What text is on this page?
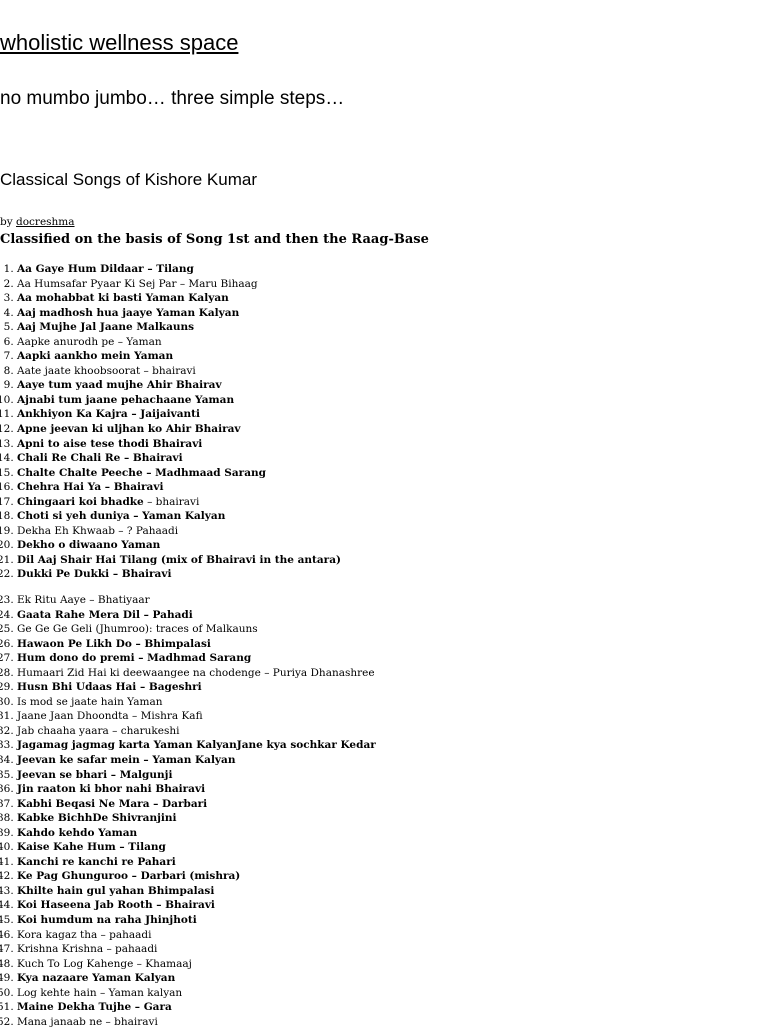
wholistic wellness space
no mumbo jumbo… three simple steps…
Classical Songs of Kishore Kumar
by docreshma
Classified on the basis of Song 1st and then the Raag-Base
1. Aa Gaye Hum Dildaar – Tilang
2. Aa Humsafar Pyaar Ki Sej Par – Maru Bihaag
3. Aa mohabbat ki basti Yaman Kalyan
4. Aaj madhosh hua jaaye Yaman Kalyan
5. Aaj Mujhe Jal Jaane Malkauns
6. Aapke anurodh pe – Yaman
7. Aapki aankho mein Yaman
8. Aate jaate khoobsoorat – bhairavi
9. Aaye tum yaad mujhe Ahir Bhairav
10. Ajnabi tum jaane pehachaane Yaman
11. Ankhiyon Ka Kajra – Jaijaivanti
12. Apne jeevan ki uljhan ko Ahir Bhairav
13. Apni to aise tese thodi Bhairavi
14. Chali Re Chali Re – Bhairavi
15. Chalte Chalte Peeche – Madhmaad Sarang
16. Chehra Hai Ya – Bhairavi
17. Chingaari koi bhadke – bhairavi
18. Choti si yeh duniya – Yaman Kalyan
19. Dekha Eh Khwaab – ? Pahaadi
20. Dekho o diwaano Yaman
21. Dil Aaj Shair Hai Tilang (mix of Bhairavi in the antara)
22. Dukki Pe Dukki – Bhairavi
23. Ek Ritu Aaye – Bhatiyaar
24. Gaata Rahe Mera Dil – Pahadi
25. Ge Ge Ge Geli (Jhumroo): traces of Malkauns
26. Hawaon Pe Likh Do – Bhimpalasi
27. Hum dono do premi – Madhmad Sarang
28. Humaari Zid Hai ki deewaangee na chodenge – Puriya Dhanashree
29. Husn Bhi Udaas Hai – Bageshri
30. Is mod se jaate hain Yaman
31. Jaane Jaan Dhoondta – Mishra Kafi
32. Jab chaaha yaara – charukeshi
33. Jagamag jagmag karta Yaman KalyanJane kya sochkar Kedar
34. Jeevan ke safar mein – Yaman Kalyan
35. Jeevan se bhari – Malgunji
36. Jin raaton ki bhor nahi Bhairavi
37. Kabhi Beqasi Ne Mara – Darbari
38. Kabke BichhDe Shivranjini
39. Kahdo kehdo Yaman
40. Kaise Kahe Hum – Tilang
41. Kanchi re kanchi re Pahari
42. Ke Pag Ghunguroo – Darbari (mishra)
43. Khilte hain gul yahan Bhimpalasi
44. Koi Haseena Jab Rooth – Bhairavi
45. Koi humdum na raha Jhinjhoti
46. Kora kagaz tha – pahaadi
47. Krishna Krishna – pahaadi
48. Kuch To Log Kahenge – Khamaaj
49. Kya nazaare Yaman Kalyan
50. Log kehte hain – Yaman kalyan
51. Maine Dekha Tujhe – Gara
52. Mana janaab ne – bhairavi
